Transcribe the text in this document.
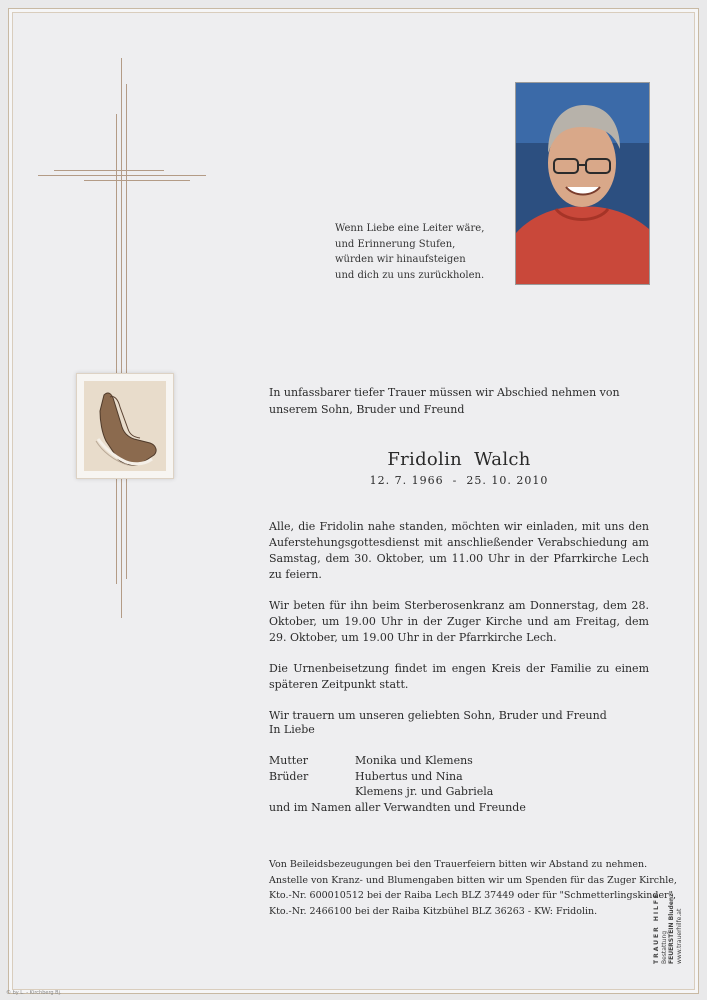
Wenn Liebe eine Leiter wäre,
und Erinnerung Stufen,
würden wir hinaufsteigen
und dich zu uns zurückholen.
In unfassbarer tiefer Trauer müssen wir Abschied nehmen von unserem Sohn, Bruder und Freund
Fridolin  Walch
12. 7. 1966  -  25. 10. 2010

Alle, die Fridolin nahe standen, möchten wir einladen, mit uns den Auferstehungsgottesdienst mit anschließender Verabschiedung am Samstag, dem 30. Oktober, um 11.00 Uhr in der Pfarrkirche Lech zu feiern.

Wir beten für ihn beim Sterberosenkranz am Donnerstag, dem 28. Oktober, um 19.00 Uhr in der Zuger Kirche und am Freitag, dem 29. Oktober, um 19.00 Uhr in der Pfarrkirche Lech.

Die Urnenbeisetzung findet im engen Kreis der Familie zu einem späteren Zeitpunkt statt.

Wir trauern um unseren geliebten Sohn, Bruder und Freund

In Liebe
Mutter	Monika und Klemens
Brüder	Hubertus und Nina
Klemens jr. und Gabriela
und im Namen aller Verwandten und Freunde
Von Beileidsbezeugungen bei den Trauerfeiern bitten wir Abstand zu nehmen.
Anstelle von Kranz- und Blumengaben bitten wir um Spenden für das Zuger Kirchle,
Kto.-Nr. 600010512 bei der Raiba Lech BLZ 37449 oder für "Schmetterlingskinder",
Kto.-Nr. 2466100 bei der Raiba Kitzbühel BLZ 36263 - KW: Fridolin.	TRAUER HILFE Bestattung FEUERSTEIN Bludenz www.trauerhilfe.at
© by L. - Kirchberg Bj.
